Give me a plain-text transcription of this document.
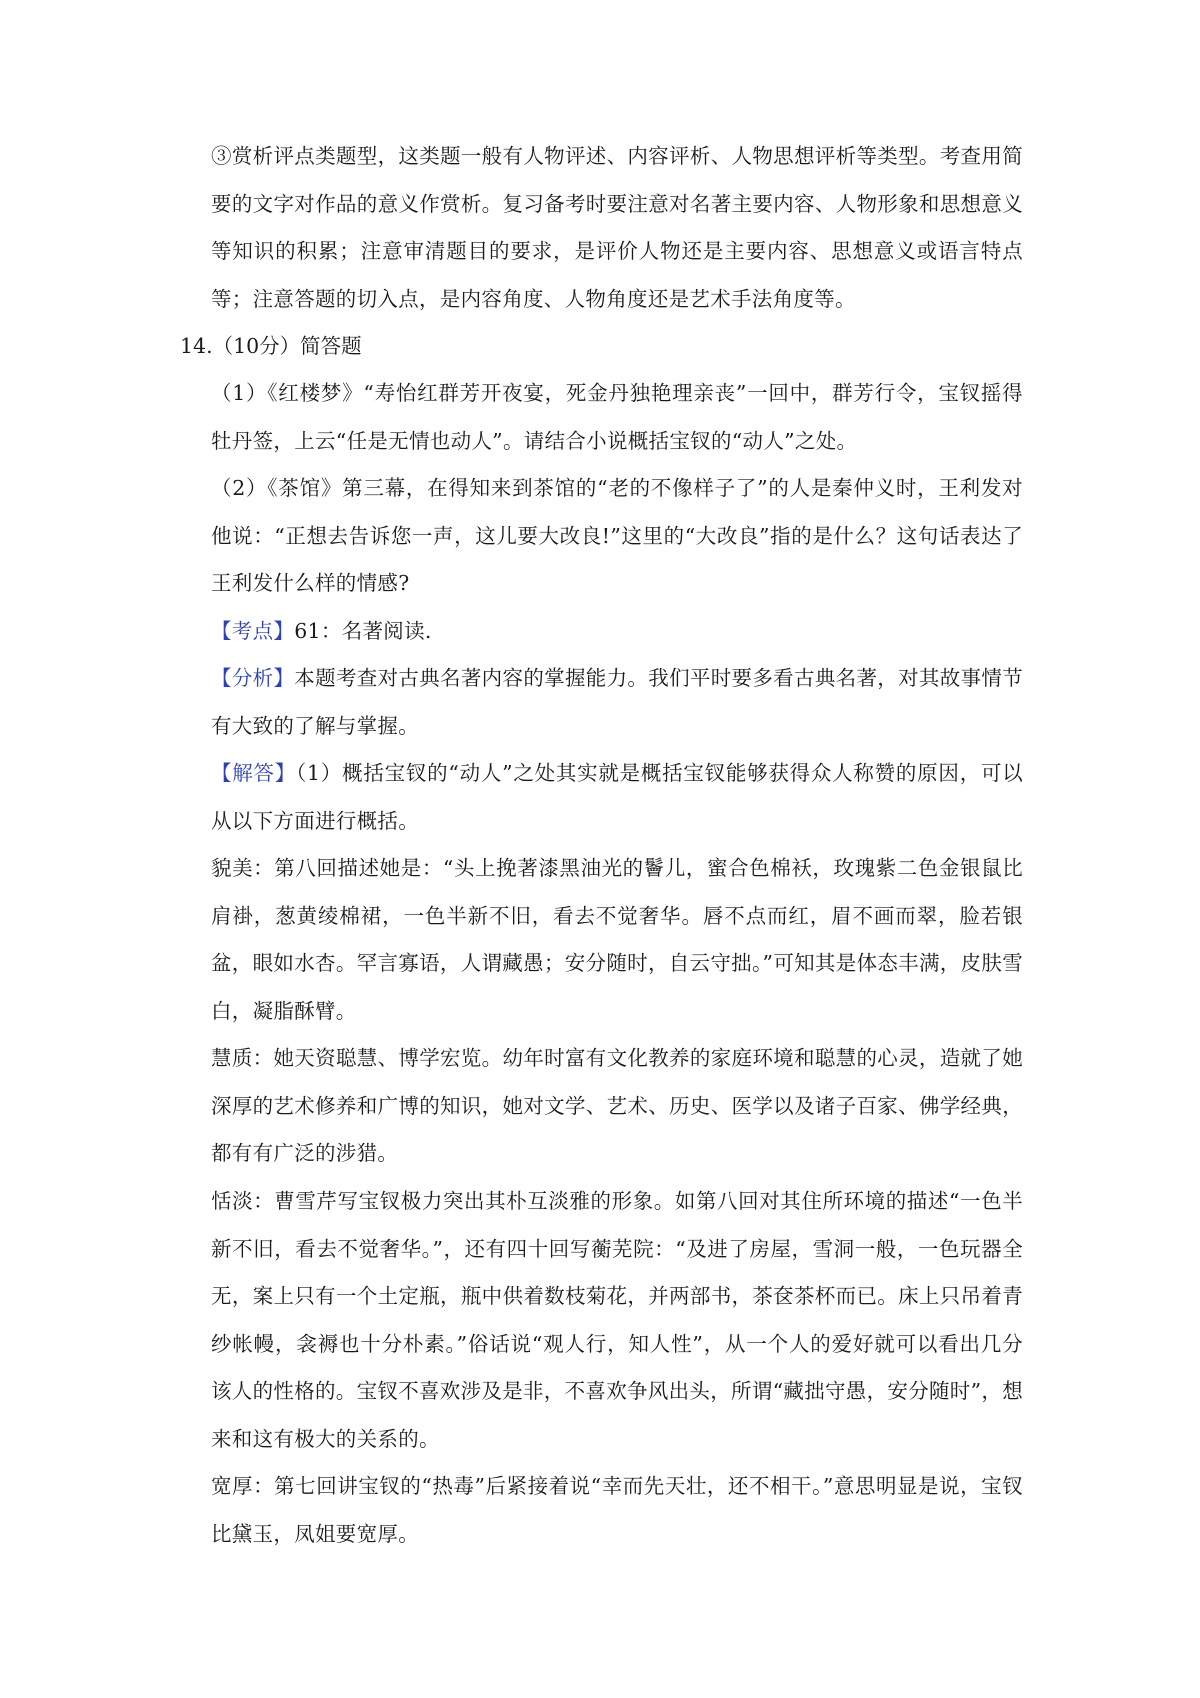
③赏析评点类题型，这类题一般有人物评述、内容评析、人物思想评析等类型。考查用简要的文字对作品的意义作赏析。复习备考时要注意对名著主要内容、人物形象和思想意义等知识的积累；注意审清题目的要求，是评价人物还是主要内容、思想意义或语言特点等；注意答题的切入点，是内容角度、人物角度还是艺术手法角度等。

14.（10分）简答题

（1）《红楼梦》“寿怡红群芳开夜宴，死金丹独艳理亲丧”一回中，群芳行令，宝钗摇得牡丹签，上云“任是无情也动人”。请结合小说概括宝钗的“动人”之处。

（2）《茶馆》第三幕，在得知来到茶馆的“老的不像样子了”的人是秦仲义时，王利发对他说：“正想去告诉您一声，这儿要大改良!”这里的“大改良”指的是什么？这句话表达了王利发什么样的情感?

【考点】61：名著阅读.

【分析】本题考查对古典名著内容的掌握能力。我们平时要多看古典名著，对其故事情节有大致的了解与掌握。

【解答】（1）概括宝钗的“动人”之处其实就是概括宝钗能够获得众人称赞的原因，可以从以下方面进行概括。

貌美：第八回描述她是：“头上挽著漆黑油光的鬠儿，蜜合色棉袄，玫瑰紫二色金银鼠比肩褂，葱黄绫棉裙，一色半新不旧，看去不觉奢华。唇不点而红，眉不画而翠，脸若银盆，眼如水杏。罕言寡语，人谓藏愚；安分随时，自云守拙。”可知其是体态丰满，皮肤雪白，凝脂酥臂。

慧质：她天资聪慧、博学宏览。幼年时富有文化教养的家庭环境和聪慧的心灵，造就了她深厚的艺术修养和广博的知识，她对文学、艺术、历史、医学以及诸子百家、佛学经典，都有有广泛的涉猎。

恬淡：曹雪芹写宝钗极力突出其朴互淡雅的形象。如第八回对其住所环境的描述“一色半新不旧，看去不觉奢华。”，还有四十回写蘅芜院：“及进了房屋，雪洞一般，一色玩器全无，案上只有一个土定瓶，瓶中供着数枝菊花，并两部书，茶奁茶杯而已。床上只吊着青纱帐幔，衾褥也十分朴素。”俗话说“观人行，知人性”，从一个人的爱好就可以看出几分该人的性格的。宝钗不喜欢涉及是非，不喜欢争风出头，所谓“藏拙守愚，安分随时”，想来和这有极大的关系的。

宽厚：第七回讲宝钗的“热毒”后紧接着说“幸而先天壮，还不相干。”意思明显是说，宝钗比黛玉，凤姐要宽厚。
